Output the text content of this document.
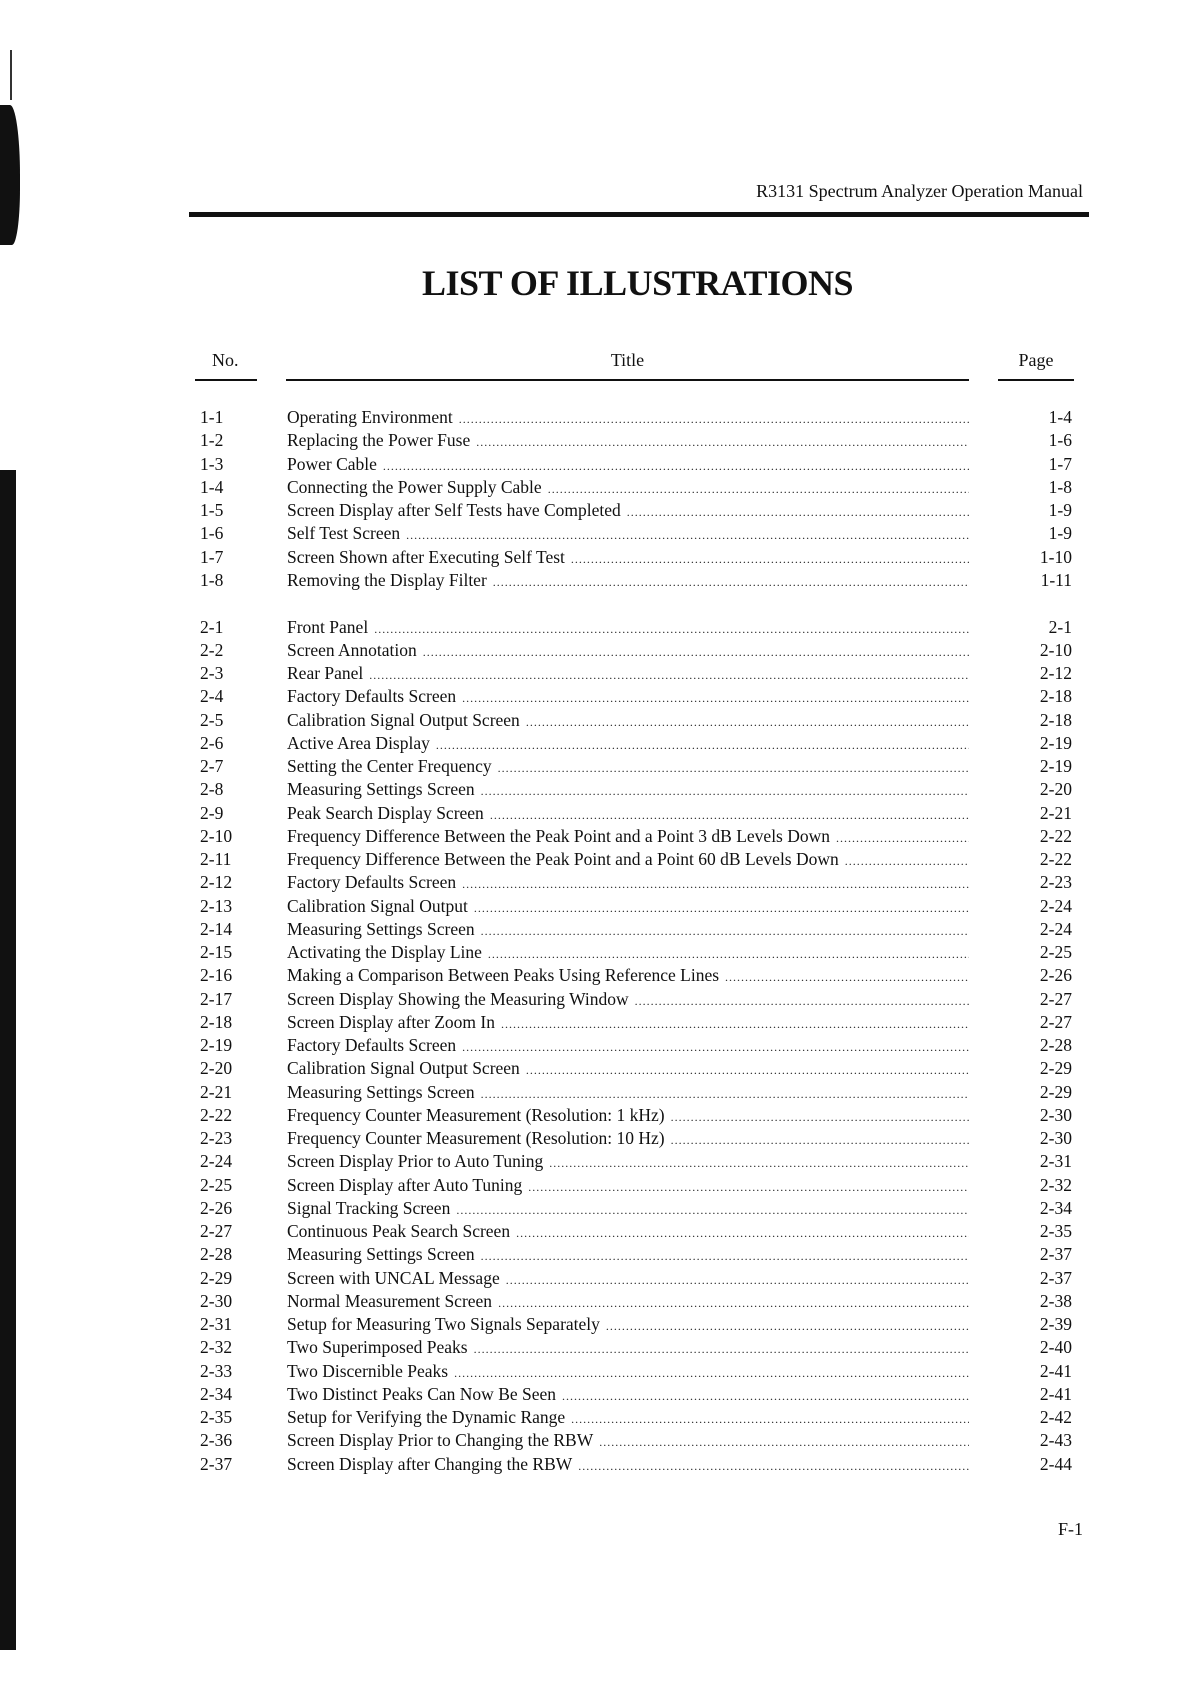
R3131 Spectrum Analyzer Operation Manual
LIST OF ILLUSTRATIONS
No.	Title	Page
1-1	Operating Environment .....	1-4
1-2	Replacing the Power Fuse .....	1-6
1-3	Power Cable .....	1-7
1-4	Connecting the Power Supply Cable .....	1-8
1-5	Screen Display after Self Tests have Completed .....	1-9
1-6	Self Test Screen .....	1-9
1-7	Screen Shown after Executing Self Test .....	1-10
1-8	Removing the Display Filter .....	1-11
2-1	Front Panel .....	2-1
2-2	Screen Annotation .....	2-10
2-3	Rear Panel .....	2-12
2-4	Factory Defaults Screen .....	2-18
2-5	Calibration Signal Output Screen .....	2-18
2-6	Active Area Display .....	2-19
2-7	Setting the Center Frequency .....	2-19
2-8	Measuring Settings Screen .....	2-20
2-9	Peak Search Display Screen .....	2-21
2-10	Frequency Difference Between the Peak Point and a Point 3 dB Levels Down .....	2-22
2-11	Frequency Difference Between the Peak Point and a Point 60 dB Levels Down .....	2-22
2-12	Factory Defaults Screen .....	2-23
2-13	Calibration Signal Output .....	2-24
2-14	Measuring Settings Screen .....	2-24
2-15	Activating the Display Line .....	2-25
2-16	Making a Comparison Between Peaks Using Reference Lines .....	2-26
2-17	Screen Display Showing the Measuring Window .....	2-27
2-18	Screen Display after Zoom In .....	2-27
2-19	Factory Defaults Screen .....	2-28
2-20	Calibration Signal Output Screen .....	2-29
2-21	Measuring Settings Screen .....	2-29
2-22	Frequency Counter Measurement (Resolution: 1 kHz) .....	2-30
2-23	Frequency Counter Measurement (Resolution: 10 Hz) .....	2-30
2-24	Screen Display Prior to Auto Tuning .....	2-31
2-25	Screen Display after Auto Tuning .....	2-32
2-26	Signal Tracking Screen .....	2-34
2-27	Continuous Peak Search Screen .....	2-35
2-28	Measuring Settings Screen .....	2-37
2-29	Screen with UNCAL Message .....	2-37
2-30	Normal Measurement Screen .....	2-38
2-31	Setup for Measuring Two Signals Separately .....	2-39
2-32	Two Superimposed Peaks .....	2-40
2-33	Two Discernible Peaks .....	2-41
2-34	Two Distinct Peaks Can Now Be Seen .....	2-41
2-35	Setup for Verifying the Dynamic Range .....	2-42
2-36	Screen Display Prior to Changing the RBW .....	2-43
2-37	Screen Display after Changing the RBW .....	2-44
F-1
